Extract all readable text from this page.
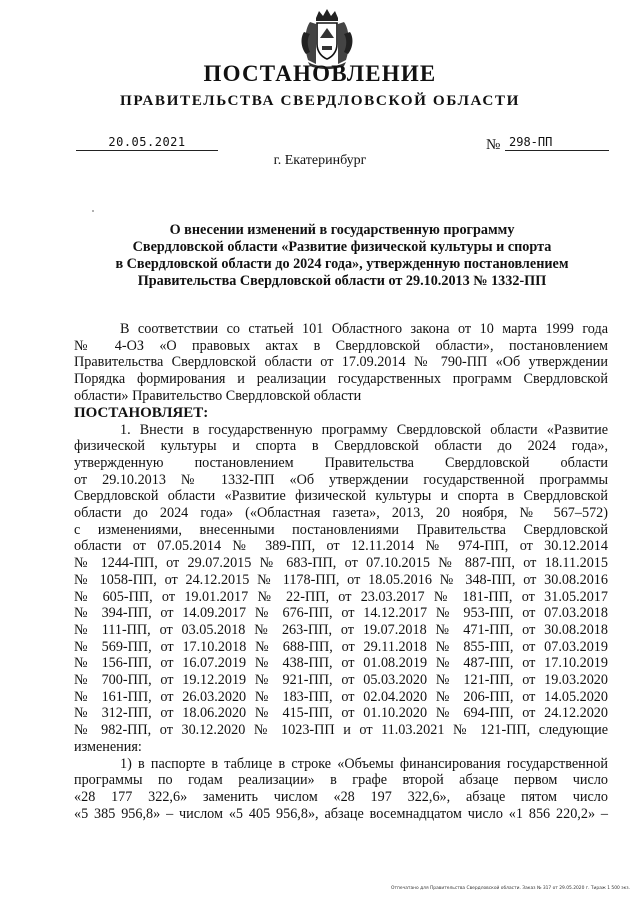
ПОСТАНОВЛЕНИЕ
ПРАВИТЕЛЬСТВА СВЕРДЛОВСКОЙ ОБЛАСТИ
20.05.2021	№ 298-ПП
г. Екатеринбург
О внесении изменений в государственную программу
Свердловской области «Развитие физической культуры и спорта
в Свердловской области до 2024 года», утвержденную постановлением
Правительства Свердловской области от 29.10.2013 № 1332-ПП
В соответствии со статьей 101 Областного закона от 10 марта 1999 года
№ 4-ОЗ «О правовых актах в Свердловской области», постановлением
Правительства Свердловской области от 17.09.2014 № 790-ПП «Об утверждении
Порядка формирования и реализации государственных программ Свердловской
области» Правительство Свердловской области
ПОСТАНОВЛЯЕТ:
1. Внести в государственную программу Свердловской области «Развитие
физической культуры и спорта в Свердловской области до 2024 года»,
утвержденную постановлением Правительства Свердловской области
от 29.10.2013 № 1332-ПП «Об утверждении государственной программы
Свердловской области «Развитие физической культуры и спорта в Свердловской
области до 2024 года» («Областная газета», 2013, 20 ноября, № 567–572)
с изменениями, внесенными постановлениями Правительства Свердловской
области от 07.05.2014 № 389-ПП, от 12.11.2014 № 974-ПП, от 30.12.2014
№ 1244-ПП, от 29.07.2015 № 683-ПП, от 07.10.2015 № 887-ПП, от 18.11.2015
№ 1058-ПП, от 24.12.2015 № 1178-ПП, от 18.05.2016 № 348-ПП, от 30.08.2016
№ 605-ПП, от 19.01.2017 № 22-ПП, от 23.03.2017 № 181-ПП, от 31.05.2017
№ 394-ПП, от 14.09.2017 № 676-ПП, от 14.12.2017 № 953-ПП, от 07.03.2018
№ 111-ПП, от 03.05.2018 № 263-ПП, от 19.07.2018 № 471-ПП, от 30.08.2018
№ 569-ПП, от 17.10.2018 № 688-ПП, от 29.11.2018 № 855-ПП, от 07.03.2019
№ 156-ПП, от 16.07.2019 № 438-ПП, от 01.08.2019 № 487-ПП, от 17.10.2019
№ 700-ПП, от 19.12.2019 № 921-ПП, от 05.03.2020 № 121-ПП, от 19.03.2020
№ 161-ПП, от 26.03.2020 № 183-ПП, от 02.04.2020 № 206-ПП, от 14.05.2020
№ 312-ПП, от 18.06.2020 № 415-ПП, от 01.10.2020 № 694-ПП, от 24.12.2020
№ 982-ПП, от 30.12.2020 № 1023-ПП и от 11.03.2021 № 121-ПП, следующие
изменения:
1) в паспорте в таблице в строке «Объемы финансирования государственной
программы по годам реализации» в графе второй абзаце первом число
«28 177 322,6» заменить числом «28 197 322,6», абзаце пятом число
«5 385 956,8» – числом «5 405 956,8», абзаце восемнадцатом число «1 856 220,2» –
Отпечатано для Правительства Свердловской области. Заказ № 317 от 29.05.2020 г. Тираж 1 500 экз.
